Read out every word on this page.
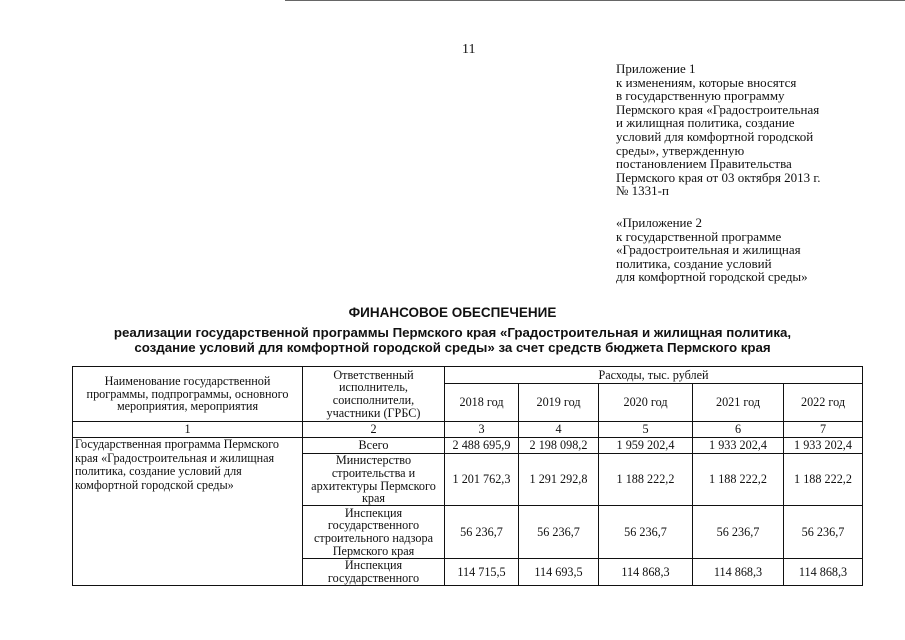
11
Приложение 1
к изменениям, которые вносятся
в государственную программу
Пермского края «Градостроительная
и жилищная политика, создание
условий для комфортной городской
среды», утвержденную
постановлением Правительства
Пермского края от 03 октября 2013 г.
№ 1331-п
«Приложение 2
к государственной программе
«Градостроительная и жилищная
политика, создание условий
для комфортной городской среды»
ФИНАНСОВОЕ ОБЕСПЕЧЕНИЕ
реализации государственной программы Пермского края «Градостроительная и жилищная политика,
создание условий для комфортной городской среды» за счет средств бюджета Пермского края
Наименование государственной программы, подпрограммы, основного мероприятия, мероприятия	Ответственный исполнитель, соисполнители, участники (ГРБС)	Расходы, тыс. рублей				
		2018 год	2019 год	2020 год	2021 год	2022 год
1	2	3	4	5	6	7
Государственная программа Пермского края «Градостроительная и жилищная политика, создание условий для комфортной городской среды»	Всего	2 488 695,9	2 198 098,2	1 959 202,4	1 933 202,4	1 933 202,4
	Министерство строительства и архитектуры Пермского края	1 201 762,3	1 291 292,8	1 188 222,2	1 188 222,2	1 188 222,2
	Инспекция государственного строительного надзора Пермского края	56 236,7	56 236,7	56 236,7	56 236,7	56 236,7
	Инспекция государственного	114 715,5	114 693,5	114 868,3	114 868,3	114 868,3
